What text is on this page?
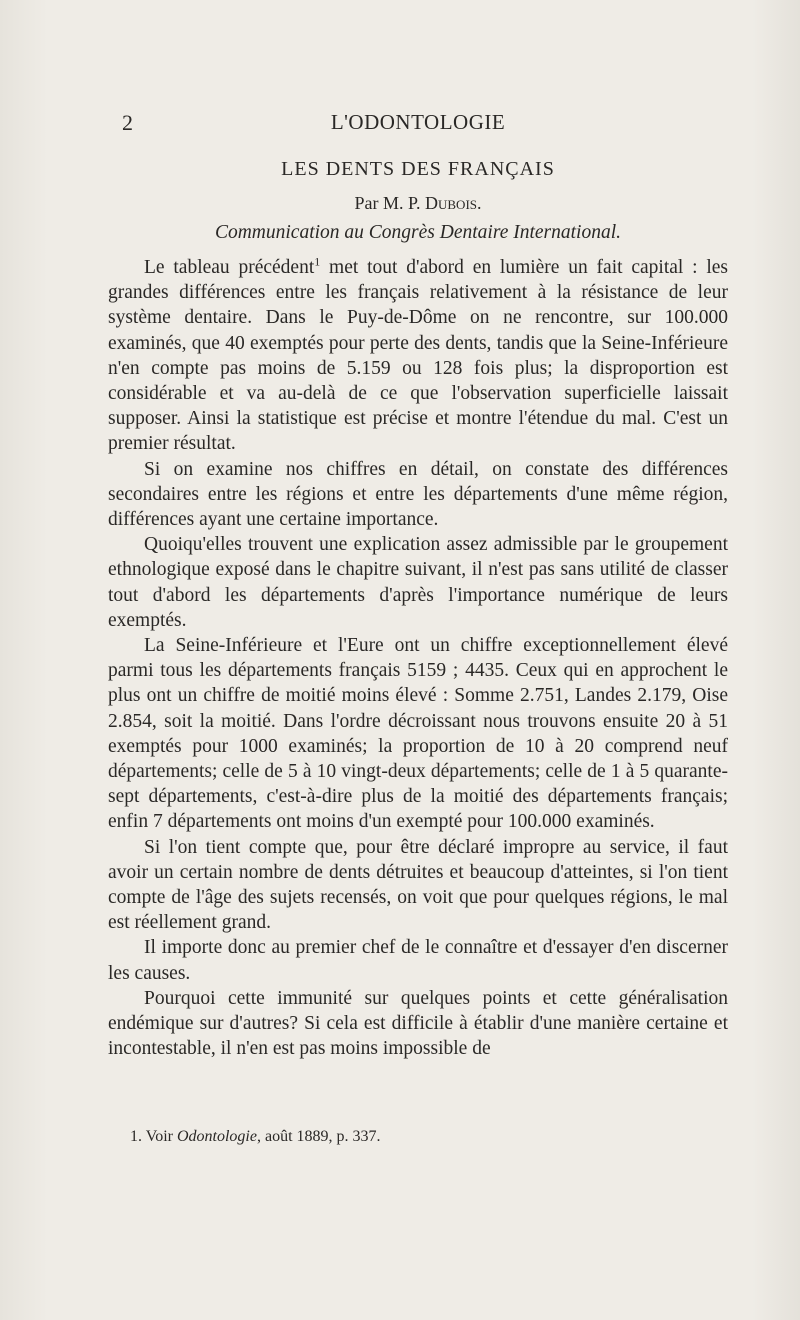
2	L'ODONTOLOGIE
LES DENTS DES FRANÇAIS
Par M. P. Dubois.
Communication au Congrès Dentaire International.

Le tableau précédent$^1$ met tout d'abord en lumière un fait capital : les grandes différences entre les français relativement à la résistance de leur système dentaire. Dans le Puy-de-Dôme on ne rencontre, sur 100.000 examinés, que 40 exemptés pour perte des dents, tandis que la Seine-Inférieure n'en compte pas moins de 5.159 ou 128 fois plus; la disproportion est considérable et va au-delà de ce que l'observation superficielle laissait supposer. Ainsi la statistique est précise et montre l'étendue du mal. C'est un premier résultat.

Si on examine nos chiffres en détail, on constate des différences secondaires entre les régions et entre les départements d'une même région, différences ayant une certaine importance.

Quoiqu'elles trouvent une explication assez admissible par le groupement ethnologique exposé dans le chapitre suivant, il n'est pas sans utilité de classer tout d'abord les départements d'après l'importance numérique de leurs exemptés.

La Seine-Inférieure et l'Eure ont un chiffre exceptionnellement élevé parmi tous les départements français 5159 ; 4435. Ceux qui en approchent le plus ont un chiffre de moitié moins élevé : Somme 2.751, Landes 2.179, Oise 2.854, soit la moitié. Dans l'ordre décroissant nous trouvons ensuite 20 à 51 exemptés pour 1000 examinés; la proportion de 10 à 20 comprend neuf départements; celle de 5 à 10 vingt-deux départements; celle de 1 à 5 quarante-sept départements, c'est-à-dire plus de la moitié des départements français; enfin 7 départements ont moins d'un exempté pour 100.000 examinés.

Si l'on tient compte que, pour être déclaré impropre au service, il faut avoir un certain nombre de dents détruites et beaucoup d'atteintes, si l'on tient compte de l'âge des sujets recensés, on voit que pour quelques régions, le mal est réellement grand.

Il importe donc au premier chef de le connaître et d'essayer d'en discerner les causes.

Pourquoi cette immunité sur quelques points et cette généralisation endémique sur d'autres? Si cela est difficile à établir d'une manière certaine et incontestable, il n'en est pas moins impossible de

1. Voir Odontologie, août 1889, p. 337.
